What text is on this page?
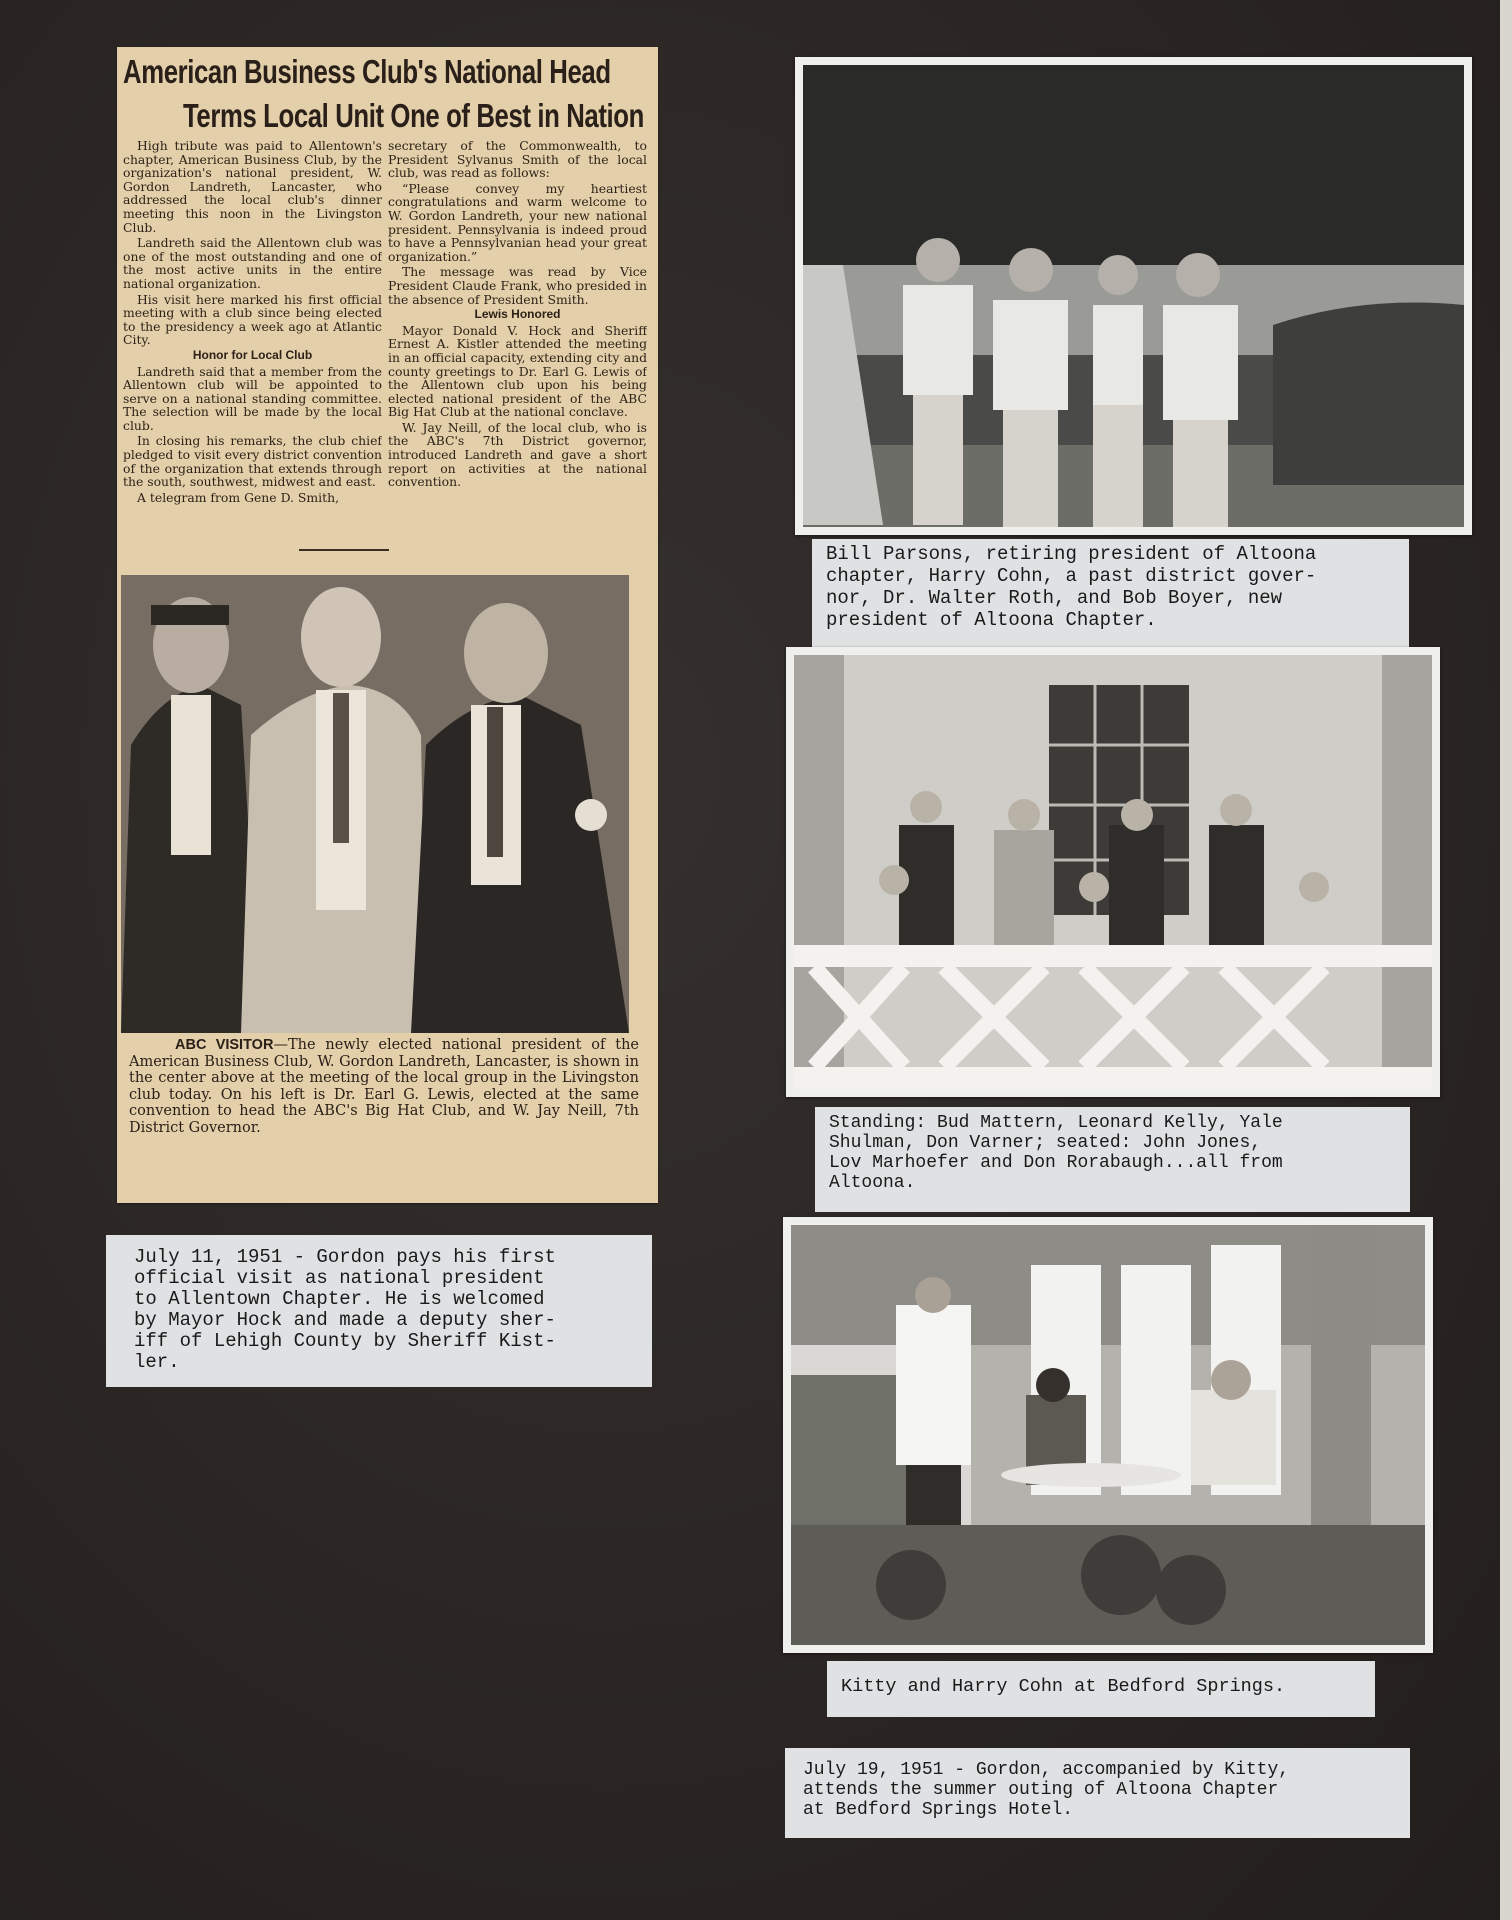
American Business Club's National Head
Terms Local Unit One of Best in Nation

High tribute was paid to Allentown's chapter, American Business Club, by the organization's national president, W. Gordon Landreth, Lancaster, who addressed the local club's dinner meeting this noon in the Livingston Club.

Landreth said the Allentown club was one of the most outstanding and one of the most active units in the entire national organization.

His visit here marked his first official meeting with a club since being elected to the presidency a week ago at Atlantic City.

Honor for Local Club

Landreth said that a member from the Allentown club will be appointed to serve on a national standing committee. The selection will be made by the local club.

In closing his remarks, the club chief pledged to visit every district convention of the organization that extends through the south, southwest, midwest and east.

A telegram from Gene D. Smith,

secretary of the Commonwealth, to President Sylvanus Smith of the local club, was read as follows:

“Please convey my heartiest congratulations and warm welcome to W. Gordon Landreth, your new national president. Pennsylvania is indeed proud to have a Pennsylvanian head your great organization.”

The message was read by Vice President Claude Frank, who presided in the absence of President Smith.

Lewis Honored

Mayor Donald V. Hock and Sheriff Ernest A. Kistler attended the meeting in an official capacity, extending city and county greetings to Dr. Earl G. Lewis of the Allentown club upon his being elected national president of the ABC Big Hat Club at the national conclave.

W. Jay Neill, of the local club, who is the ABC's 7th District governor, introduced Landreth and gave a short report on activities at the national convention.

ABC VISITOR—The newly elected national president of the American Business Club, W. Gordon Landreth, Lancaster, is shown in the center above at the meeting of the local group in the Livingston club today. On his left is Dr. Earl G. Lewis, elected at the same convention to head the ABC's Big Hat Club, and W. Jay Neill, 7th District Governor.
July 11, 1951 - Gordon pays his first
official visit as national president
to Allentown Chapter. He is welcomed
by Mayor Hock and made a deputy sher-
iff of Lehigh County by Sheriff Kist-
ler.
Bill Parsons, retiring president of Altoona
chapter, Harry Cohn, a past district gover-
nor, Dr. Walter Roth, and Bob Boyer, new
president of Altoona Chapter.
Standing: Bud Mattern, Leonard Kelly, Yale
Shulman, Don Varner; seated: John Jones,
Lov Marhoefer and Don Rorabaugh...all from
Altoona.
Kitty and Harry Cohn at Bedford Springs.
July 19, 1951 - Gordon, accompanied by Kitty,
attends the summer outing of Altoona Chapter
at Bedford Springs Hotel.
